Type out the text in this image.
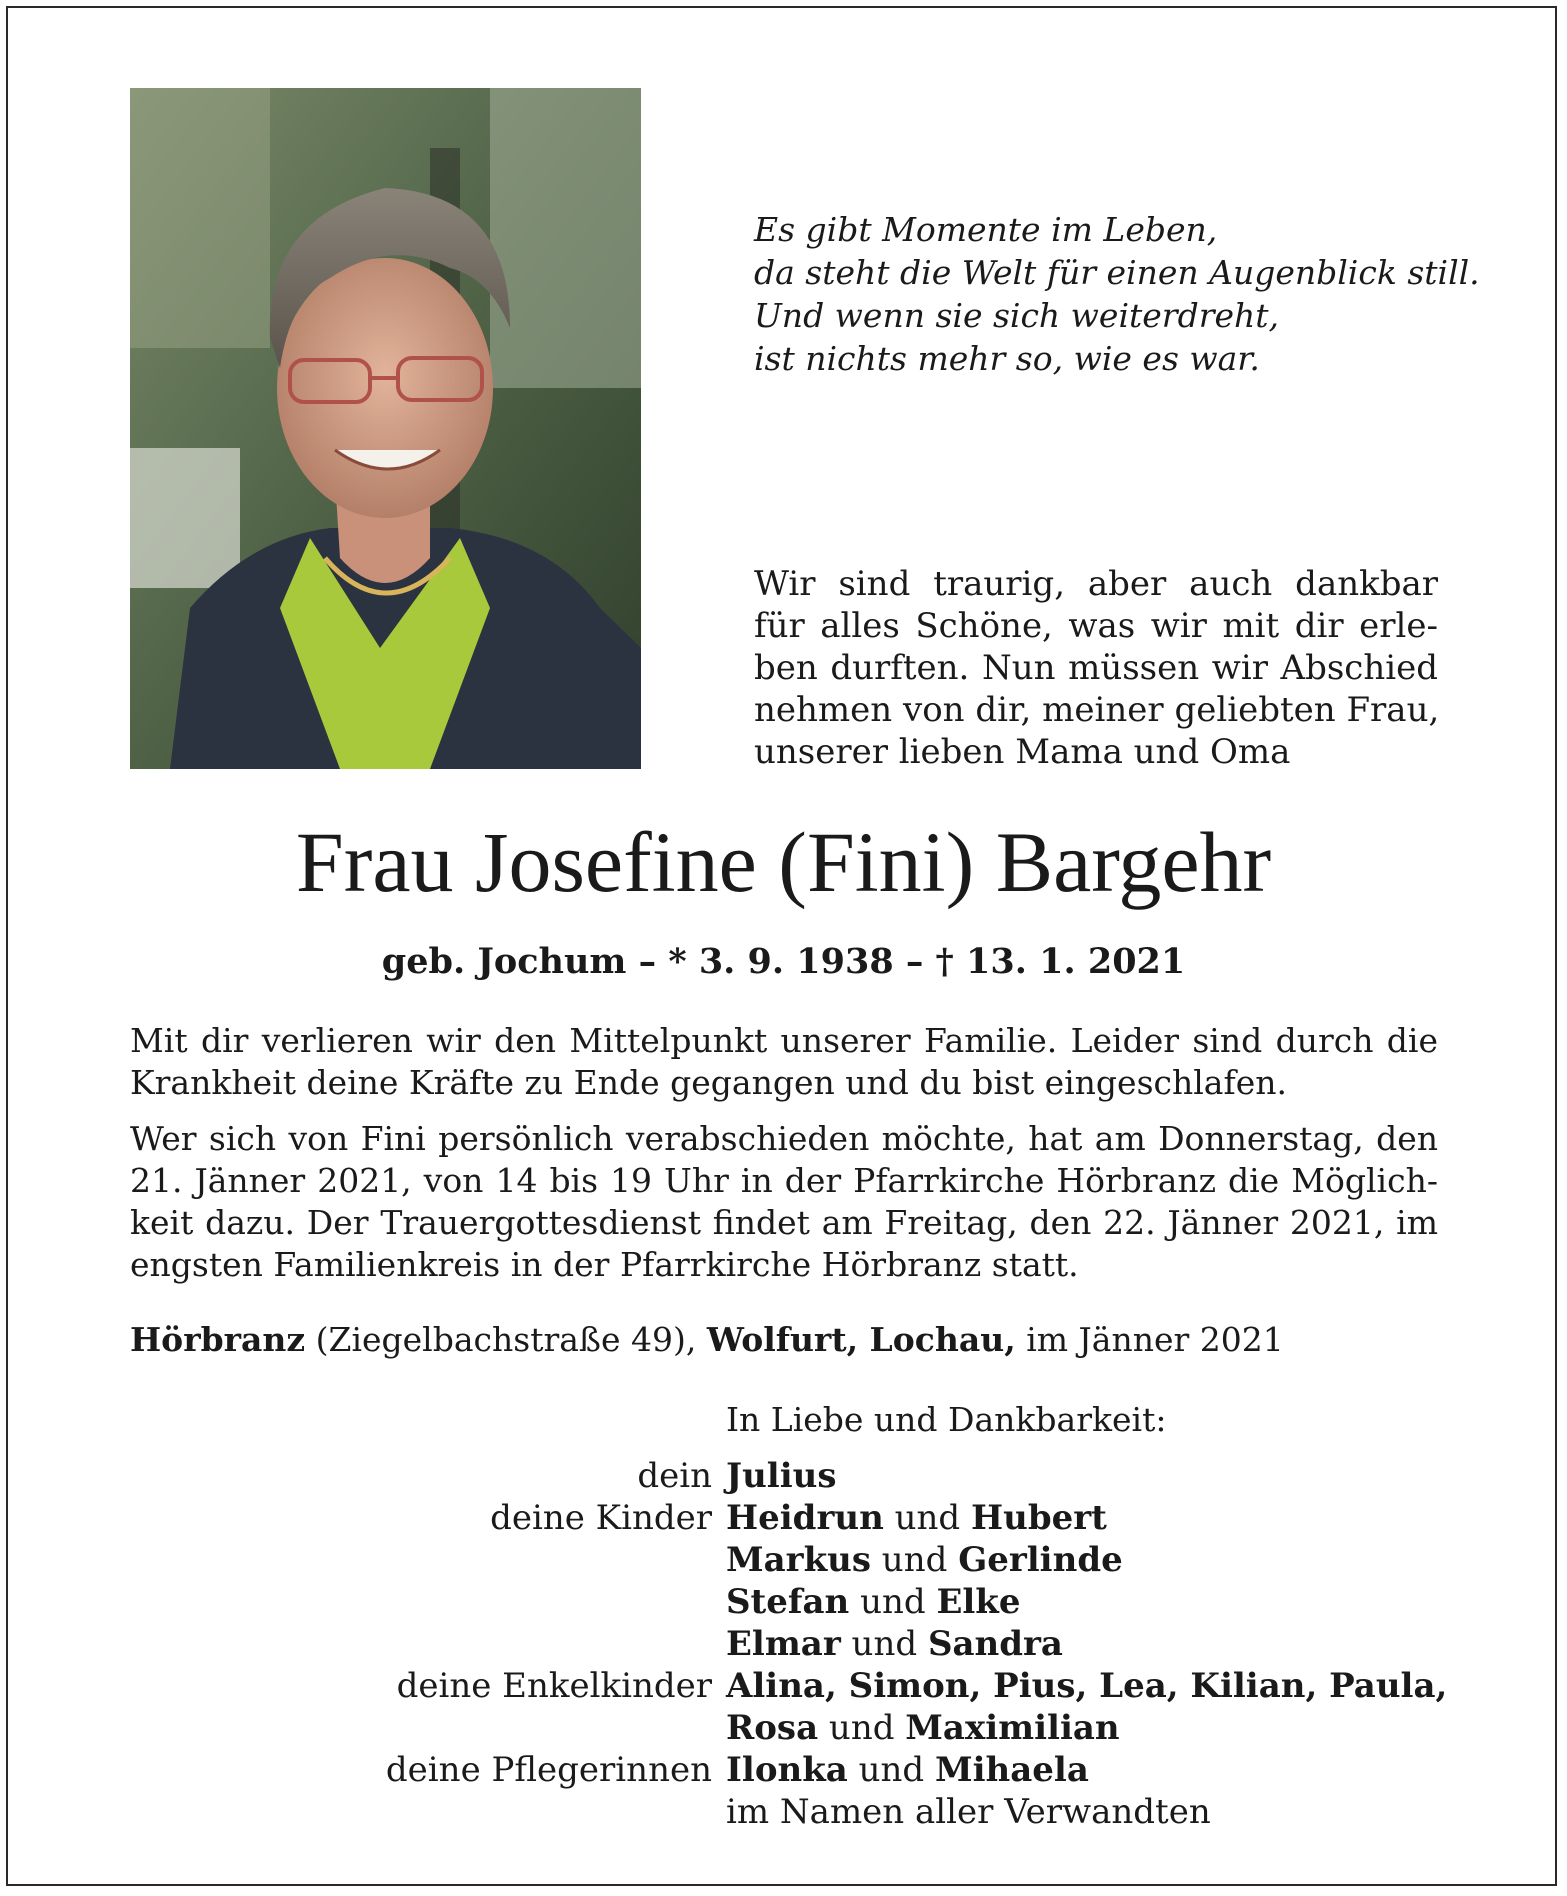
Es gibt Momente im Leben,
da steht die Welt für einen Augenblick still.
Und wenn sie sich weiterdreht,
ist nichts mehr so, wie es war.
Wir sind traurig, aber auch dankbar
für alles Schöne, was wir mit dir erle-
ben durften. Nun müssen wir Abschied
nehmen von dir, meiner geliebten Frau,
unserer lieben Mama und Oma
Frau Josefine (Fini) Bargehr
geb. Jochum – * 3. 9. 1938 – † 13. 1. 2021
Mit dir verlieren wir den Mittelpunkt unserer Familie. Leider sind durch die
Krankheit deine Kräfte zu Ende gegangen und du bist eingeschlafen.
Wer sich von Fini persönlich verabschieden möchte, hat am Donnerstag, den
21. Jänner 2021, von 14 bis 19 Uhr in der Pfarrkirche Hörbranz die Möglich-
keit dazu. Der Trauergottesdienst findet am Freitag, den 22. Jänner 2021, im
engsten Familienkreis in der Pfarrkirche Hörbranz statt.
Hörbranz (Ziegelbachstraße 49), Wolfurt, Lochau, im Jänner 2021
In Liebe und Dankbarkeit:
dein Julius
deine Kinder Heidrun und Hubert
Markus und Gerlinde
Stefan und Elke
Elmar und Sandra
deine Enkelkinder Alina, Simon, Pius, Lea, Kilian, Paula,
Rosa und Maximilian
deine Pflegerinnen Ilonka und Mihaela
im Namen aller Verwandten
